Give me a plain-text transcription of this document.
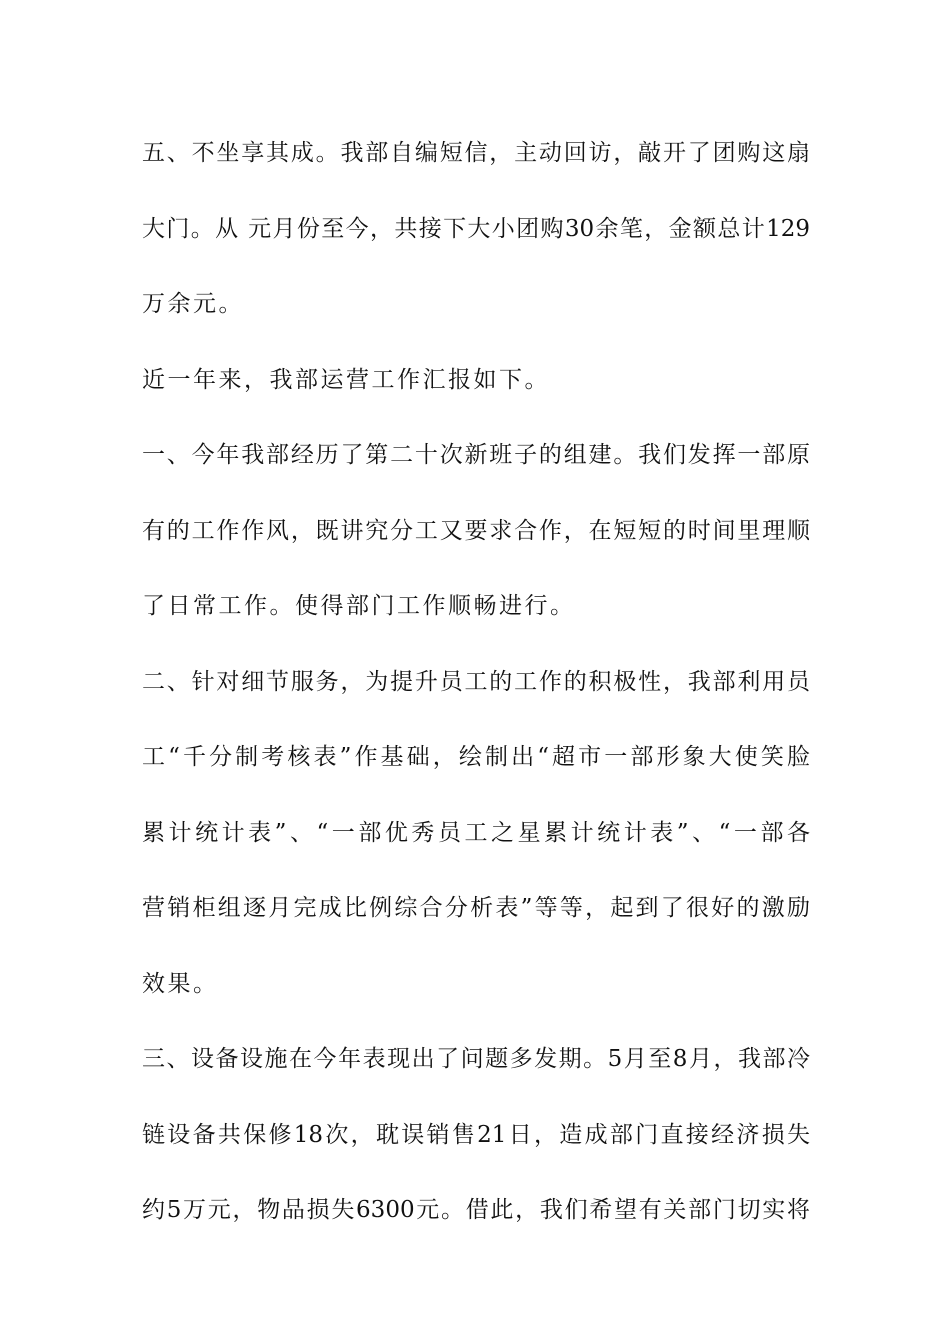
五、不坐享其成。我部自编短信，主动回访，敲开了团购这扇
大门。从 元月份至今，共接下大小团购30余笔，金额总计129
万余元。
近一年来，我部运营工作汇报如下。
一、今年我部经历了第二十次新班子的组建。我们发挥一部原
有的工作作风，既讲究分工又要求合作，在短短的时间里理顺
了日常工作。使得部门工作顺畅进行。
二、针对细节服务，为提升员工的工作的积极性，我部利用员
工“千分制考核表”作基础，绘制出“超市一部形象大使笑脸
累计统计表”、“一部优秀员工之星累计统计表”、“一部各
营销柜组逐月完成比例综合分析表”等等，起到了很好的激励
效果。
三、设备设施在今年表现出了问题多发期。5月至8月，我部冷
链设备共保修18次，耽误销售21日，造成部门直接经济损失
约5万元，物品损失6300元。借此，我们希望有关部门切实将
